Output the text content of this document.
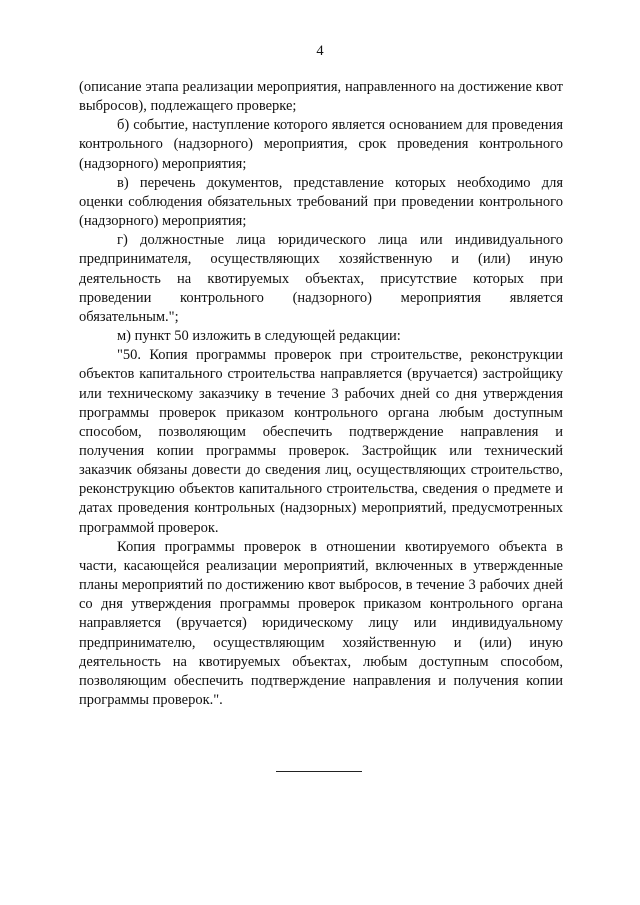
4

(описание этапа реализации мероприятия, направленного на достижение квот выбросов), подлежащего проверке;

б) событие, наступление которого является основанием для проведения контрольного (надзорного) мероприятия, срок проведения контрольного (надзорного) мероприятия;

в) перечень документов, представление которых необходимо для оценки соблюдения обязательных требований при проведении контрольного (надзорного) мероприятия;

г) должностные лица юридического лица или индивидуального предпринимателя, осуществляющих хозяйственную и (или) иную деятельность на квотируемых объектах, присутствие которых при проведении контрольного (надзорного) мероприятия является обязательным.";

м) пункт 50 изложить в следующей редакции:

"50. Копия программы проверок при строительстве, реконструкции объектов капитального строительства направляется (вручается) застройщику или техническому заказчику в течение 3 рабочих дней со дня утверждения программы проверок приказом контрольного органа любым доступным способом, позволяющим обеспечить подтверждение направления и получения копии программы проверок. Застройщик или технический заказчик обязаны довести до сведения лиц, осуществляющих строительство, реконструкцию объектов капитального строительства, сведения о предмете и датах проведения контрольных (надзорных) мероприятий, предусмотренных программой проверок.

Копия программы проверок в отношении квотируемого объекта в части, касающейся реализации мероприятий, включенных в утвержденные планы мероприятий по достижению квот выбросов, в течение 3 рабочих дней со дня утверждения программы проверок приказом контрольного органа направляется (вручается) юридическому лицу или индивидуальному предпринимателю, осуществляющим хозяйственную и (или) иную деятельность на квотируемых объектах, любым доступным способом, позволяющим обеспечить подтверждение направления и получения копии программы проверок.".
